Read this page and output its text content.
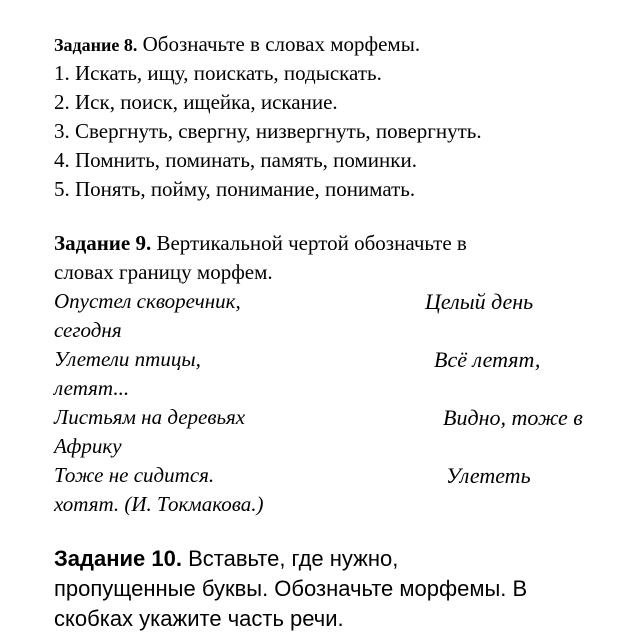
Задание 8. Обозначьте в словах морфемы.
1. Искать, ищу, поискать, подыскать.
2. Иск, поиск, ищейка, искание.
3. Свергнуть, свергну, низвергнуть, повергнуть.
4. Помнить, поминать, память, поминки.
5. Понять, пойму, понимание, понимать.
Задание 9. Вертикальной чертой обозначьте в
словах границу морфем.
Опустел скворечник,	Целый день
сегодня
Улетели птицы,	Всё летят,
летят...
Листьям на деревьях	Видно, тоже в
Африку
Тоже не сидится.	Улететь
хотят. (И. Токмакова.)
Задание 10. Вставьте, где нужно,
пропущенные буквы. Обозначьте морфемы. В
скобках укажите часть речи.
